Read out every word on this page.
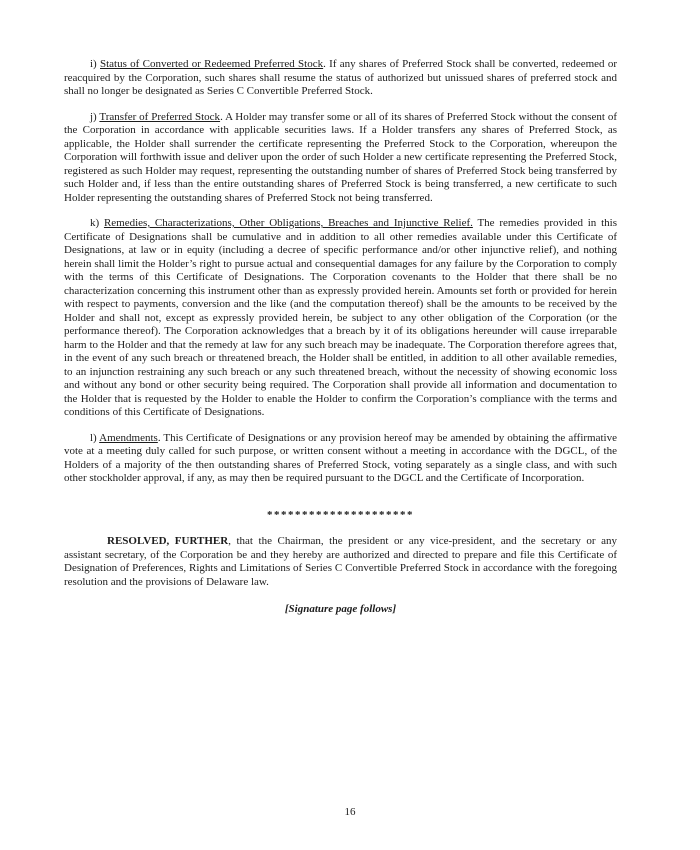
i) Status of Converted or Redeemed Preferred Stock. If any shares of Preferred Stock shall be converted, redeemed or reacquired by the Corporation, such shares shall resume the status of authorized but unissued shares of preferred stock and shall no longer be designated as Series C Convertible Preferred Stock.

j) Transfer of Preferred Stock. A Holder may transfer some or all of its shares of Preferred Stock without the consent of the Corporation in accordance with applicable securities laws. If a Holder transfers any shares of Preferred Stock, as applicable, the Holder shall surrender the certificate representing the Preferred Stock to the Corporation, whereupon the Corporation will forthwith issue and deliver upon the order of such Holder a new certificate representing the Preferred Stock, registered as such Holder may request, representing the outstanding number of shares of Preferred Stock being transferred by such Holder and, if less than the entire outstanding shares of Preferred Stock is being transferred, a new certificate to such Holder representing the outstanding shares of Preferred Stock not being transferred.

k) Remedies, Characterizations, Other Obligations, Breaches and Injunctive Relief. The remedies provided in this Certificate of Designations shall be cumulative and in addition to all other remedies available under this Certificate of Designations, at law or in equity (including a decree of specific performance and/or other injunctive relief), and nothing herein shall limit the Holder’s right to pursue actual and consequential damages for any failure by the Corporation to comply with the terms of this Certificate of Designations. The Corporation covenants to the Holder that there shall be no characterization concerning this instrument other than as expressly provided herein. Amounts set forth or provided for herein with respect to payments, conversion and the like (and the computation thereof) shall be the amounts to be received by the Holder and shall not, except as expressly provided herein, be subject to any other obligation of the Corporation (or the performance thereof). The Corporation acknowledges that a breach by it of its obligations hereunder will cause irreparable harm to the Holder and that the remedy at law for any such breach may be inadequate. The Corporation therefore agrees that, in the event of any such breach or threatened breach, the Holder shall be entitled, in addition to all other available remedies, to an injunction restraining any such breach or any such threatened breach, without the necessity of showing economic loss and without any bond or other security being required. The Corporation shall provide all information and documentation to the Holder that is requested by the Holder to enable the Holder to confirm the Corporation’s compliance with the terms and conditions of this Certificate of Designations.

l) Amendments. This Certificate of Designations or any provision hereof may be amended by obtaining the affirmative vote at a meeting duly called for such purpose, or written consent without a meeting in accordance with the DGCL, of the Holders of a majority of the then outstanding shares of Preferred Stock, voting separately as a single class, and with such other stockholder approval, if any, as may then be required pursuant to the DGCL and the Certificate of Incorporation.

*********************

RESOLVED, FURTHER, that the Chairman, the president or any vice-president, and the secretary or any assistant secretary, of the Corporation be and they hereby are authorized and directed to prepare and file this Certificate of Designation of Preferences, Rights and Limitations of Series C Convertible Preferred Stock in accordance with the foregoing resolution and the provisions of Delaware law.

[Signature page follows]
16
